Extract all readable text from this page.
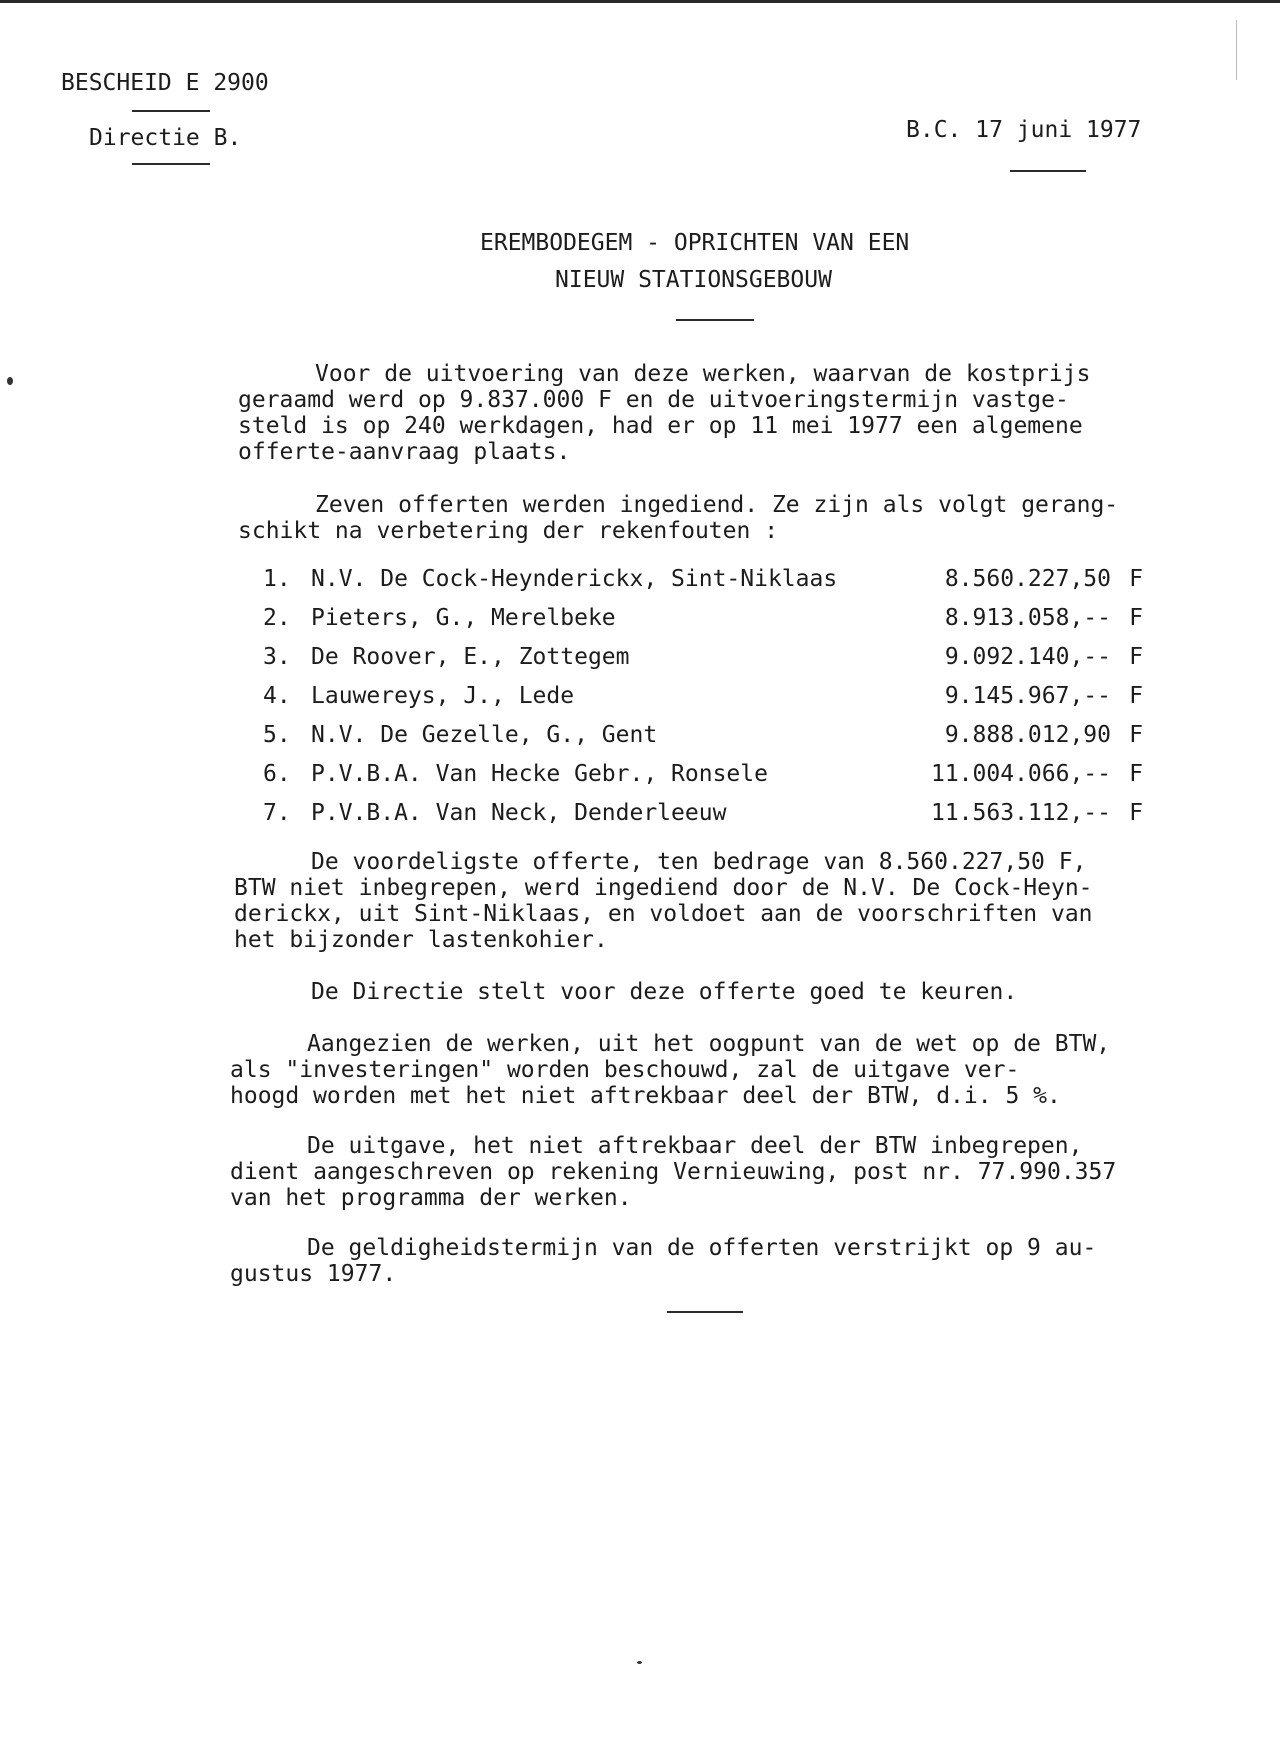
BESCHEID E 2900
Directie B.	B.C. 17 juni 1977
EREMBODEGEM - OPRICHTEN VAN EEN
NIEUW STATIONSGEBOUW
Voor de uitvoering van deze werken, waarvan de kostprijs
geraamd werd op 9.837.000 F en de uitvoeringstermijn vastge-
steld is op 240 werkdagen, had er op 11 mei 1977 een algemene
offerte-aanvraag plaats.
Zeven offerten werden ingediend. Ze zijn als volgt gerang-
schikt na verbetering der rekenfouten :
1. N.V. De Cock-Heynderickx, Sint-Niklaas	8.560.227,50 F
2. Pieters, G., Merelbeke	8.913.058,-- F
3. De Roover, E., Zottegem	9.092.140,-- F
4. Lauwereys, J., Lede	9.145.967,-- F
5. N.V. De Gezelle, G., Gent	9.888.012,90 F
6. P.V.B.A. Van Hecke Gebr., Ronsele	11.004.066,-- F
7. P.V.B.A. Van Neck, Denderleeuw	11.563.112,-- F
De voordeligste offerte, ten bedrage van 8.560.227,50 F,
BTW niet inbegrepen, werd ingediend door de N.V. De Cock-Heyn-
derickx, uit Sint-Niklaas, en voldoet aan de voorschriften van
het bijzonder lastenkohier.
De Directie stelt voor deze offerte goed te keuren.
Aangezien de werken, uit het oogpunt van de wet op de BTW,
als "investeringen" worden beschouwd, zal de uitgave ver-
hoogd worden met het niet aftrekbaar deel der BTW, d.i. 5 %.
De uitgave, het niet aftrekbaar deel der BTW inbegrepen,
dient aangeschreven op rekening Vernieuwing, post nr. 77.990.357
van het programma der werken.
De geldigheidstermijn van de offerten verstrijkt op 9 au-
gustus 1977.
